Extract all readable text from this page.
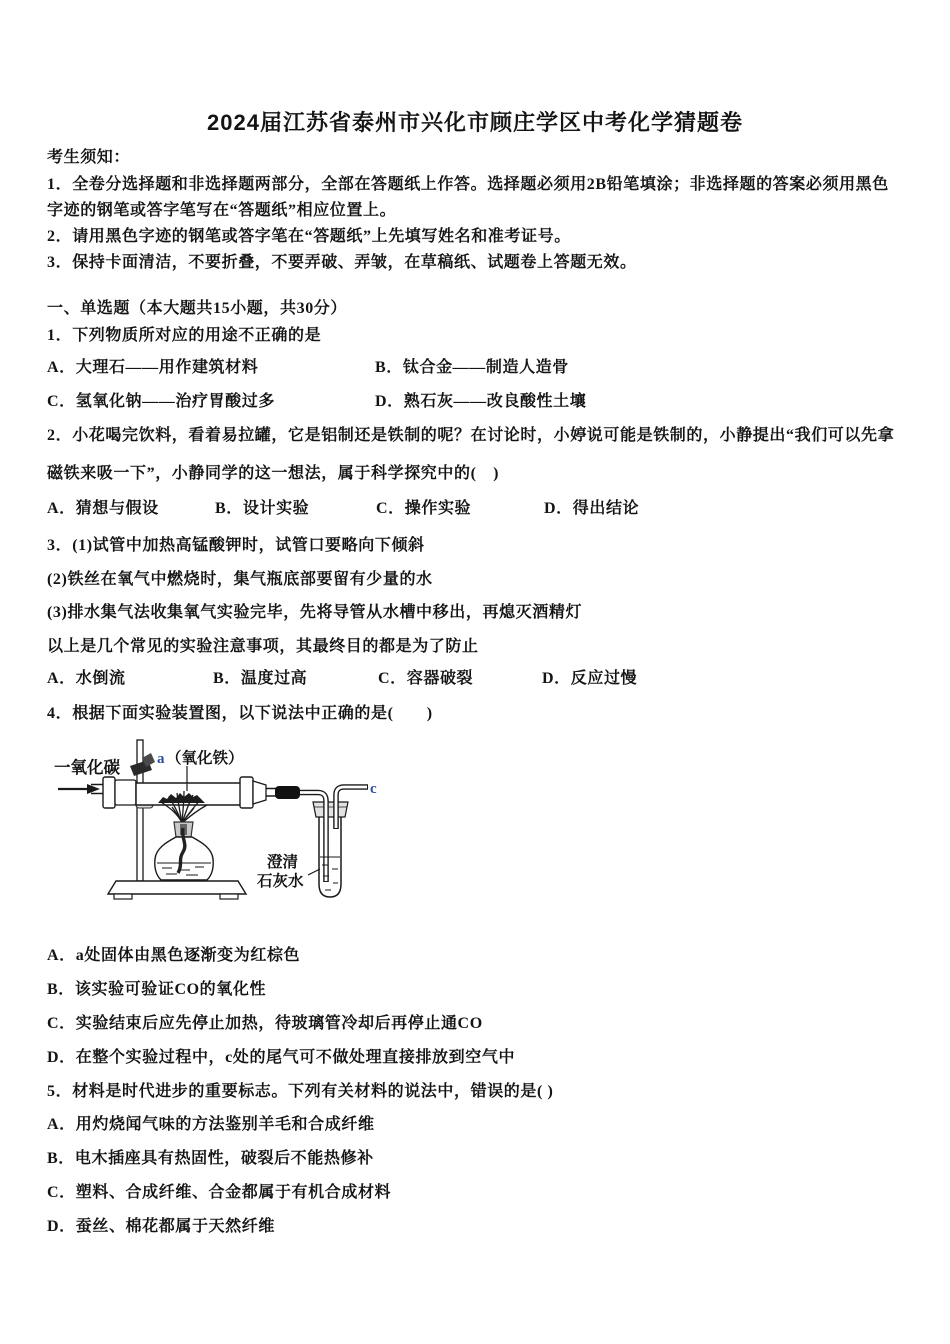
2024届江苏省泰州市兴化市顾庄学区中考化学猜题卷
考生须知：
1．全卷分选择题和非选择题两部分，全部在答题纸上作答。选择题必须用2B铅笔填涂；非选择题的答案必须用黑色
字迹的钢笔或答字笔写在“答题纸”相应位置上。
2．请用黑色字迹的钢笔或答字笔在“答题纸”上先填写姓名和准考证号。
3．保持卡面清洁，不要折叠，不要弄破、弄皱，在草稿纸、试题卷上答题无效。
一、单选题（本大题共15小题，共30分）
1．下列物质所对应的用途不正确的是
A．大理石——用作建筑材料	B．钛合金——制造人造骨
C．氢氧化钠——治疗胃酸过多	D．熟石灰——改良酸性土壤
2．小花喝完饮料，看着易拉罐，它是铝制还是铁制的呢？在讨论时，小婷说可能是铁制的，小静提出“我们可以先拿
磁铁来吸一下”，小静同学的这一想法，属于科学探究中的(　)
A．猜想与假设	B．设计实验	C．操作实验	D．得出结论
3．(1)试管中加热高锰酸钾时，试管口要略向下倾斜
(2)铁丝在氧气中燃烧时，集气瓶底部要留有少量的水
(3)排水集气法收集氧气实验完毕，先将导管从水槽中移出，再熄灭酒精灯
以上是几个常见的实验注意事项，其最终目的都是为了防止
A．水倒流	B．温度过高	C．容器破裂	D．反应过慢
4．根据下面实验装置图，以下说法中正确的是(　　)
一氧化碳 a （氧化铁）
c
澄清
石灰水
A．a处固体由黑色逐渐变为红棕色
B．该实验可验证CO的氧化性
C．实验结束后应先停止加热，待玻璃管冷却后再停止通CO
D．在整个实验过程中，c处的尾气可不做处理直接排放到空气中
5．材料是时代进步的重要标志。下列有关材料的说法中，错误的是( )
A．用灼烧闻气味的方法鉴别羊毛和合成纤维
B．电木插座具有热固性，破裂后不能热修补
C．塑料、合成纤维、合金都属于有机合成材料
D．蚕丝、棉花都属于天然纤维
